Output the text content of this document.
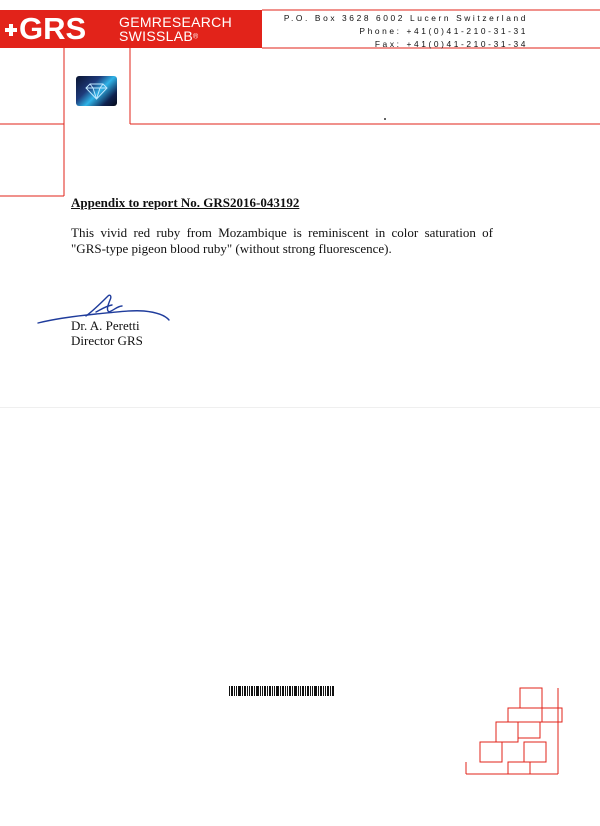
GRS GEMRESEARCH
SWISSLAB®
P.O. Box 3628 6002 Lucern Switzerland
Phone: +41(0)41-210-31-31
Fax: +41(0)41-210-31-34

Appendix to report No. GRS2016-043192

This vivid red ruby from Mozambique is reminiscent in color saturation of "GRS-type pigeon blood ruby" (without strong fluorescence).

Dr. A. Peretti
Director GRS
